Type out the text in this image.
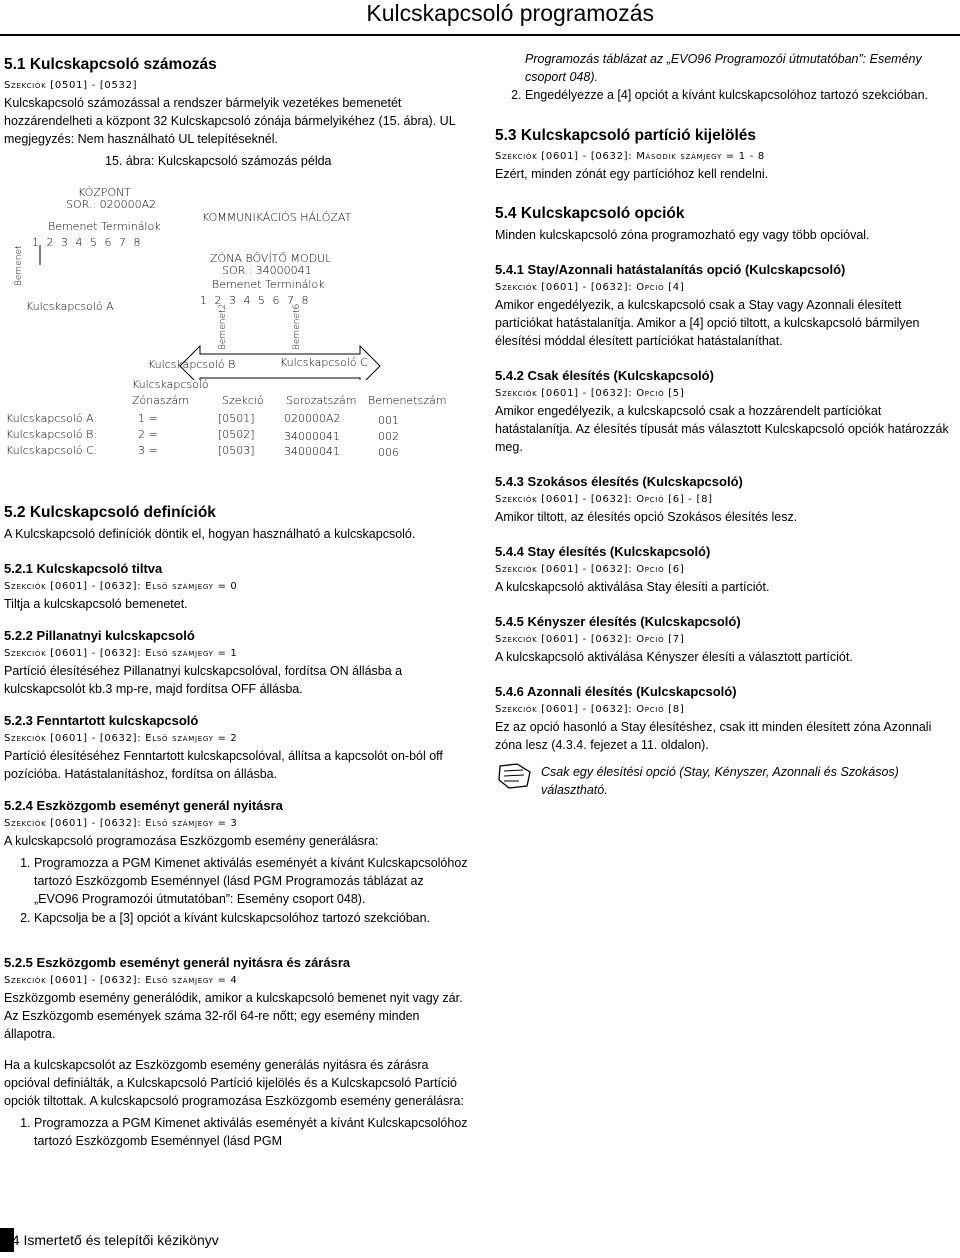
Kulcskapcsoló programozás
5.1 Kulcskapcsoló számozás
Szekciók [0501] - [0532]

Kulcskapcsoló számozással a rendszer bármelyik vezetékes bemenetét hozzárendelheti a központ 32 Kulcskapcsoló zónája bármelyikéhez (15. ábra). UL megjegyzés: Nem használható UL telepítéseknél.

15. ábra: Kulcskapcsoló számozás példa
KÖZPONT
SOR.: 020000A2
Bemenet Terminálok
1 2 3 4 5 6 7 8
Bemenet
Kulcskapcsoló A
KOMMUNIKÁCIÓS HÁLÓZAT
ZÓNA BŐVÍTŐ MODUL
SOR.: 34000041
Bemenet Terminálok
1 2 3 4 5 6 7 8
Bemenet2	Bemenet6
Kulcskapcsoló B	Kulcskapcsoló C
Kulcskapcsoló
Zónaszám	Szekció Sorozatszám Bemenetszám
Kulcskapcsoló A:	1 =	[0501]	020000A2	001
Kulcskapcsoló B:	2 =	[0502]	34000041	002
Kulcskapcsoló C:	3 =	[0503]	34000041	006
5.2 Kulcskapcsoló definíciók

A Kulcskapcsoló definíciók döntik el, hogyan használható a kulcskapcsoló.

5.2.1 Kulcskapcsoló tiltva
Szekciók [0601] - [0632]: Első számjegy = 0

Tiltja a kulcskapcsoló bemenetet.

5.2.2 Pillanatnyi kulcskapcsoló
Szekciók [0601] - [0632]: Első számjegy = 1

Partíció élesítéséhez Pillanatnyi kulcskapcsolóval, fordítsa ON állásba a kulcskapcsolót kb.3 mp-re, majd fordítsa OFF állásba.

5.2.3 Fenntartott kulcskapcsoló
Szekciók [0601] - [0632]: Első számjegy = 2

Partíció élesítéséhez Fenntartott kulcskapcsolóval, állítsa a kapcsolót on-ból off pozícióba. Hatástalanításhoz, fordítsa on állásba.

5.2.4 Eszközgomb eseményt generál nyitásra
Szekciók [0601] - [0632]: Első számjegy = 3

A kulcskapcsoló programozása Eszközgomb esemény generálásra:

1. Programozza a PGM Kimenet aktiválás eseményét a kívánt Kulcskapcsolóhoz tartozó Eszközgomb Eseménnyel (lásd PGM Programozás táblázat az „EVO96 Programozói útmutatóban”: Esemény csoport 048).
2. Kapcsolja be a [3] opciót a kívánt kulcskapcsolóhoz tartozó szekcióban.
5.2.5 Eszközgomb eseményt generál nyitásra és zárásra
Szekciók [0601] - [0632]: Első számjegy = 4

Eszközgomb esemény generálódik, amikor a kulcskapcsoló bemenet nyit vagy zár. Az Eszközgomb események száma 32-ről 64-re nőtt; egy esemény minden állapotra.

Ha a kulcskapcsolót az Eszközgomb esemény generálás nyitásra és zárásra opcióval definiálták, a Kulcskapcsoló Partíció kijelölés és a Kulcskapcsoló Partíció opciók tiltottak. A kulcskapcsoló programozása Eszközgomb esemény generálásra:

1. Programozza a PGM Kimenet aktiválás eseményét a kívánt Kulcskapcsolóhoz tartozó Eszközgomb Eseménnyel (lásd PGM

Programozás táblázat az „EVO96 Programozói útmutatóban”: Esemény csoport 048).

2. Engedélyezze a [4] opciót a kívánt kulcskapcsolóhoz tartozó szekcióban.
5.3 Kulcskapcsoló partíció kijelölés
Szekciók [0601] - [0632]: Második számjegy = 1 - 8

Ezért, minden zónát egy partícióhoz kell rendelni.

5.4 Kulcskapcsoló opciók

Minden kulcskapcsoló zóna programozható egy vagy több opcióval.

5.4.1 Stay/Azonnali hatástalanítás opció (Kulcskapcsoló)
Szekciók [0601] - [0632]: Opció [4]

Amikor engedélyezik, a kulcskapcsoló csak a Stay vagy Azonnali élesített partíciókat hatástalanítja. Amikor a [4] opció tiltott, a kulcskapcsoló bármilyen élesítési móddal élesített partíciókat hatástalaníthat.

5.4.2 Csak élesítés (Kulcskapcsoló)
Szekciók [0601] - [0632]: Opció [5]

Amikor engedélyezik, a kulcskapcsoló csak a hozzárendelt partíciókat hatástalanítja. Az élesítés típusát más választott Kulcskapcsoló opciók határozzák meg.

5.4.3 Szokásos élesítés (Kulcskapcsoló)
Szekciók [0601] - [0632]: Opció [6] - [8]

Amikor tiltott, az élesítés opció Szokásos élesítés lesz.

5.4.4 Stay élesítés (Kulcskapcsoló)
Szekciók [0601] - [0632]: Opció [6]

A kulcskapcsoló aktiválása Stay élesíti a partíciót.

5.4.5 Kényszer élesítés (Kulcskapcsoló)
Szekciók [0601] - [0632]: Opció [7]

A kulcskapcsoló aktiválása Kényszer élesíti a választott partíciót.

5.4.6 Azonnali élesítés (Kulcskapcsoló)
Szekciók [0601] - [0632]: Opció [8]

Ez az opció hasonló a Stay élesítéshez, csak itt minden élesített zóna Azonnali zóna lesz (4.3.4. fejezet a 11. oldalon).

Csak egy élesítési opció (Stay, Kényszer, Azonnali és Szokásos) választható.
14 Ismertető és telepítői kézikönyv
